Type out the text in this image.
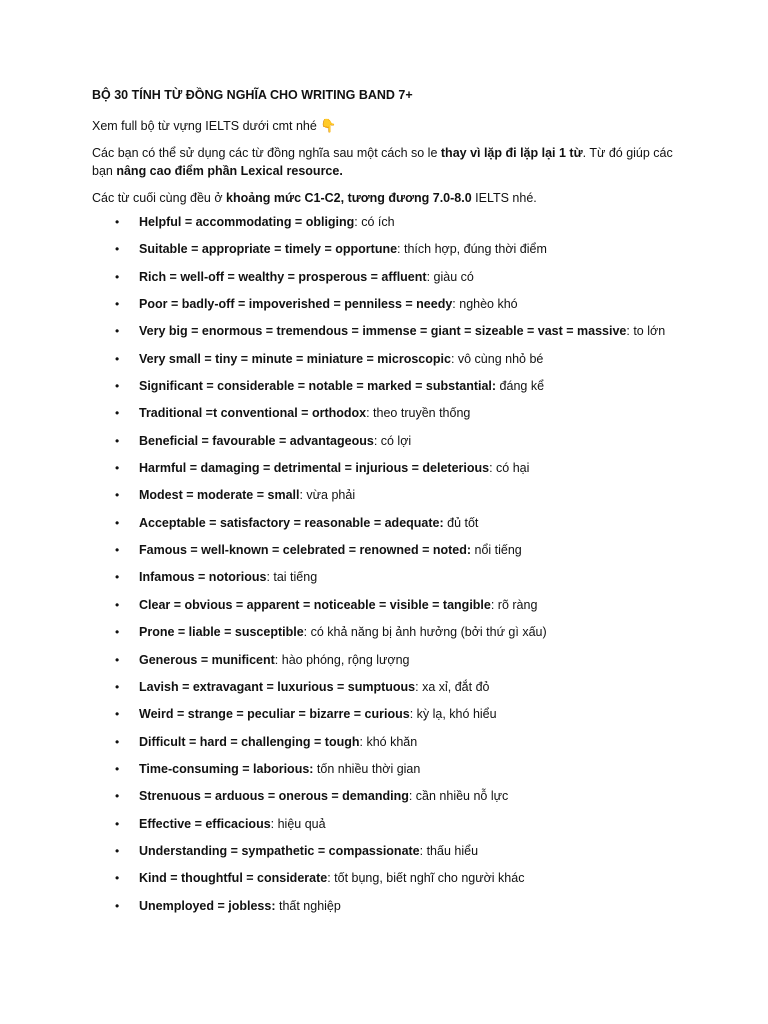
BỘ 30 TÍNH TỪ ĐỒNG NGHĨA CHO WRITING BAND 7+
Xem full bộ từ vựng IELTS dưới cmt nhé 👇
Các bạn có thể sử dụng các từ đồng nghĩa sau một cách so le thay vì lặp đi lặp lại 1 từ. Từ đó giúp các bạn nâng cao điểm phần Lexical resource.
Các từ cuối cùng đều ở khoảng mức C1-C2, tương đương 7.0-8.0 IELTS nhé.
• Helpful = accommodating = obliging: có ích
• Suitable = appropriate = timely = opportune: thích hợp, đúng thời điểm
• Rich = well-off = wealthy = prosperous = affluent: giàu có
• Poor = badly-off = impoverished = penniless = needy: nghèo khó
• Very big = enormous = tremendous = immense = giant = sizeable = vast = massive: to lớn
• Very small = tiny = minute = miniature = microscopic: vô cùng nhỏ bé
• Significant = considerable = notable = marked = substantial: đáng kể
• Traditional =t conventional = orthodox: theo truyền thống
• Beneficial = favourable = advantageous: có lợi
• Harmful = damaging = detrimental = injurious = deleterious: có hại
• Modest = moderate = small: vừa phải
• Acceptable = satisfactory = reasonable = adequate: đủ tốt
• Famous = well-known = celebrated = renowned = noted: nổi tiếng
• Infamous = notorious: tai tiếng
• Clear = obvious = apparent = noticeable = visible = tangible: rõ ràng
• Prone = liable = susceptible: có khả năng bị ảnh hưởng (bởi thứ gì xấu)
• Generous = munificent: hào phóng, rộng lượng
• Lavish = extravagant = luxurious = sumptuous: xa xỉ, đắt đỏ
• Weird = strange = peculiar = bizarre = curious: kỳ lạ, khó hiểu
• Difficult = hard = challenging = tough: khó khăn
• Time-consuming = laborious: tốn nhiều thời gian
• Strenuous = arduous = onerous = demanding: cần nhiều nỗ lực
• Effective = efficacious: hiệu quả
• Understanding = sympathetic = compassionate: thấu hiểu
• Kind = thoughtful = considerate: tốt bụng, biết nghĩ cho người khác
• Unemployed = jobless: thất nghiệp
